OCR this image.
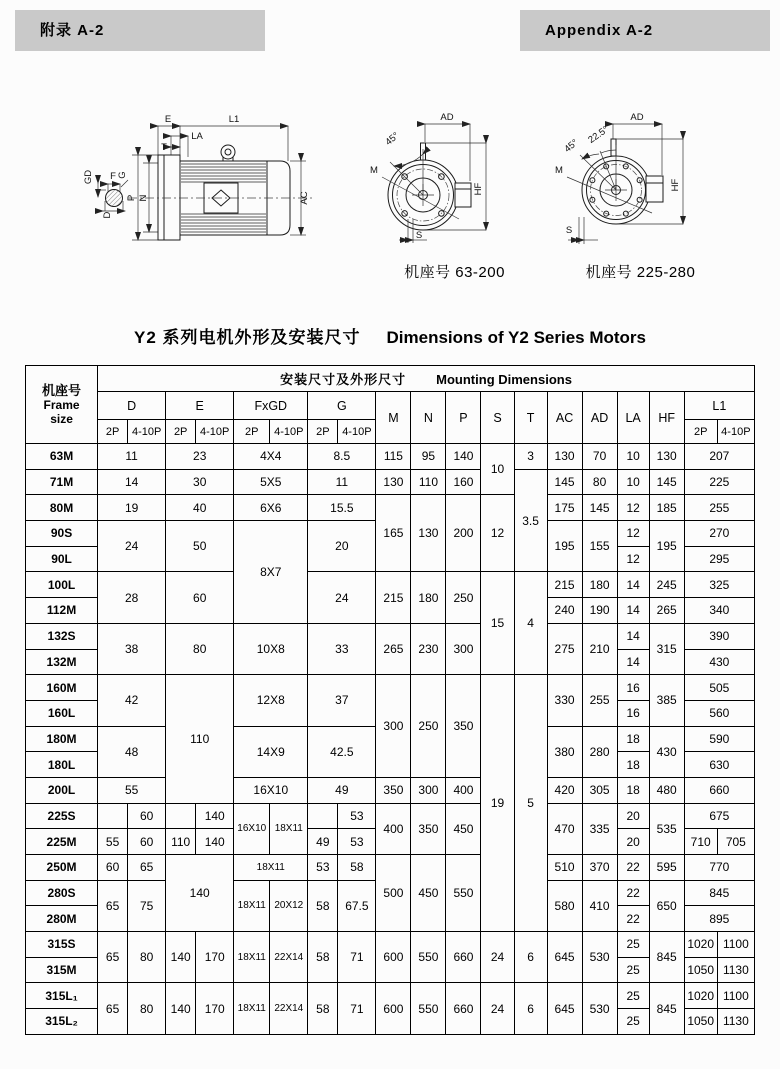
附录 A-2	Appendix A-2
E	L1
LA
T
GD F G
P N
D
AC
AD
45°
M
HF
S
AD
22.5°
45°
M
HF
S
机座号 63-200	机座号 225-280
Y2 系列电机外形及安装尺寸 Dimensions of Y2 Series Motors
机座号
Frame
size	安装尺寸及外形尺寸 Mounting Dimensions																		
	D		E		FxGD		G		M	N	P	S	T	AC	AD	LA	HF	L1	
	2P	4-10P	2P	4-10P	2P	4-10P	2P	4-10P										2P	4-10P
63M	11		23		4X4		8.5		115	95	140	10	3	130	70	10	130	207	
71M	14		30		5X5		11		130	110	160		3.5	145	80	10	145	225	
80M	19		40		6X6		15.5		165	130	200	12		175	145	12	185	255	
90S	24		50		8X7		20							195	155	12	195	270	
90L																12		295	
100L	28		60				24		215	180	250	15	4	215	180	14	245	325	
112M														240	190	14	265	340	
132S	38		80		10X8		33		265	230	300			275	210	14	315	390	
132M																14		430	
160M	42		110		12X8		37		300	250	350	19	5	330	255	16	385	505	
160L																16		560	
180M	48				14X9		42.5							380	280	18	430	590	
180L																18		630	
200L	55				16X10		49		350	300	400			420	305	18	480	660	
225S		60		140	16X10	18X11		53	400	350	450			470	335	20	535	675	
225M	55	60	110	140			49	53								20		710	705
250M	60	65	140		18X11		53	58	500	450	550			510	370	22	595	770	
280S	65	75			18X11	20X12	58	67.5						580	410	22	650	845	
280M																22		895	
315S	65	80	140	170	18X11	22X14	58	71	600	550	660	24	6	645	530	25	845	1020	1100
315M																25		1050	1130
315L₁	65	80	140	170	18X11	22X14	58	71	600	550	660	24	6	645	530	25	845	1020	1100
315L₂																25		1050	1130
